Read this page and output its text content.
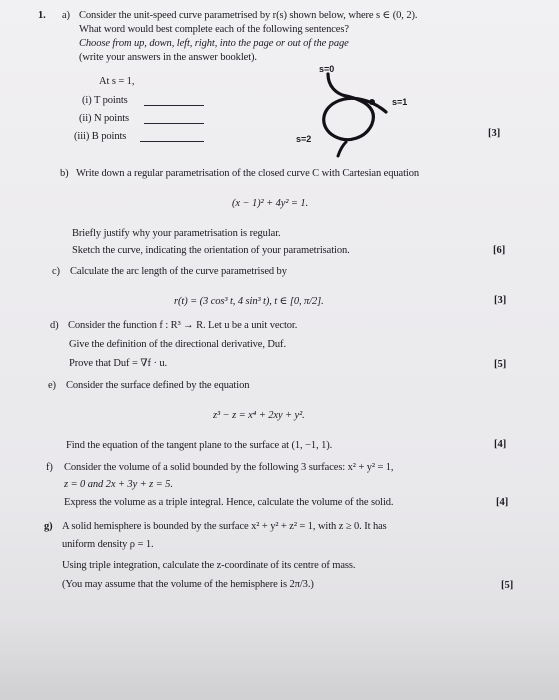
1. a) Consider the unit-speed curve parametrised by r(s) shown below, where s ∈ (0, 2).
What word would best complete each of the following sentences?
Choose from up, down, left, right, into the page or out of the page
(write your answers in the answer booklet).
At s = 1,
(i) T points
(ii) N points
(iii) B points
s=0
s=1
s=2	[3]
b) Write down a regular parametrisation of the closed curve C with Cartesian equation
(x − 1)² + 4y² = 1.
Briefly justify why your parametrisation is regular.
Sketch the curve, indicating the orientation of your parametrisation.	[6]
c) Calculate the arc length of the curve parametrised by
r(t) = (3 cos³ t, 4 sin³ t), t ∈ [0, π/2].	[3]
d) Consider the function f : R³ → R. Let u be a unit vector.
Give the definition of the directional derivative, Duf.
Prove that Duf = ∇f · u.	[5]
e) Consider the surface defined by the equation
z³ − z = x⁴ + 2xy + y².
Find the equation of the tangent plane to the surface at (1, −1, 1).	[4]
f) Consider the volume of a solid bounded by the following 3 surfaces: x² + y² = 1,
z = 0 and 2x + 3y + z = 5.
Express the volume as a triple integral. Hence, calculate the volume of the solid.	[4]
g) A solid hemisphere is bounded by the surface x² + y² + z² = 1, with z ≥ 0. It has
uniform density ρ = 1.
Using triple integration, calculate the z-coordinate of its centre of mass.
(You may assume that the volume of the hemisphere is 2π/3.)	[5]
